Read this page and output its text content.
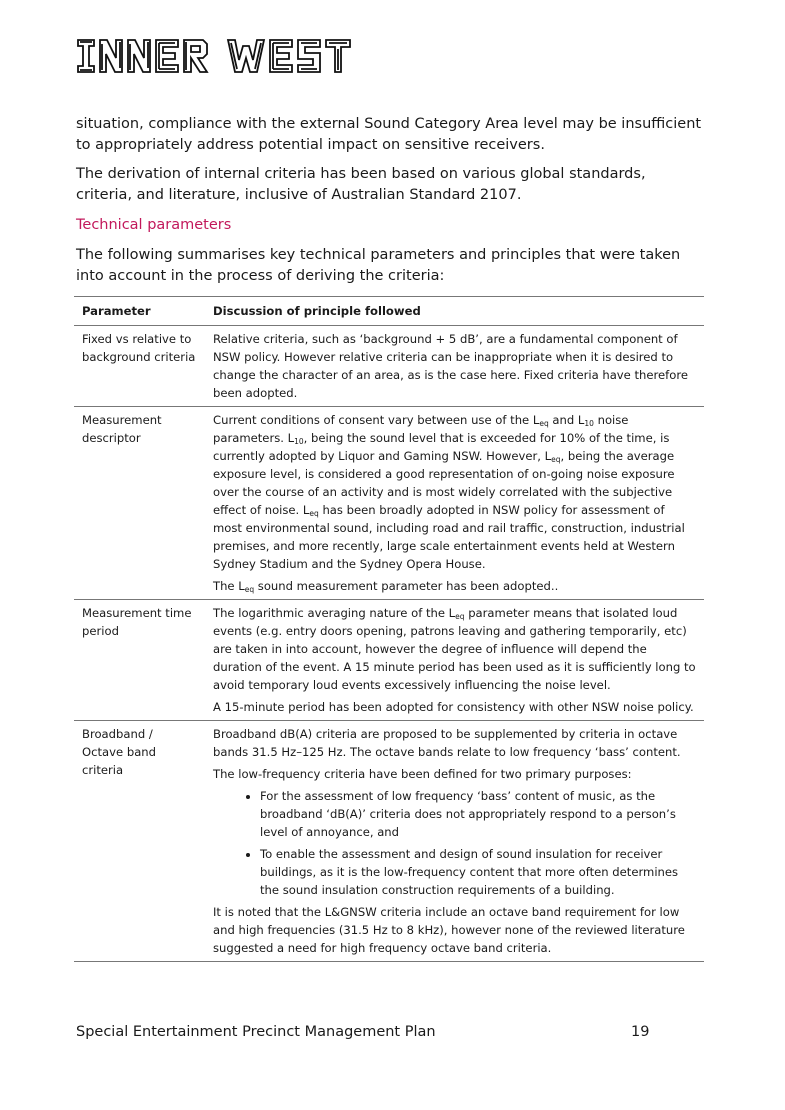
situation, compliance with the external Sound Category Area level may be insufficient to appropriately address potential impact on sensitive receivers.

The derivation of internal criteria has been based on various global standards, criteria, and literature, inclusive of Australian Standard 2107.

Technical parameters

The following summarises key technical parameters and principles that were taken into account in the process of deriving the criteria:

Parameter	Discussion of principle followed
Fixed vs relative to background criteria

Relative criteria, such as ‘background + 5 dB’, are a fundamental component of NSW policy. However relative criteria can be inappropriate when it is desired to change the character of an area, as is the case here. Fixed criteria have therefore been adopted.

Measurement descriptor

Current conditions of consent vary between use of the $L_{eq}$ and $L_{10}$ noise parameters. $L_{10}$, being the sound level that is exceeded for 10% of the time, is currently adopted by Liquor and Gaming NSW. However, $L_{eq}$, being the average exposure level, is considered a good representation of on-going noise exposure over the course of an activity and is most widely correlated with the subjective effect of noise. $L_{eq}$ has been broadly adopted in NSW policy for assessment of most environmental sound, including road and rail traffic, construction, industrial premises, and more recently, large scale entertainment events held at Western Sydney Stadium and the Sydney Opera House.

The $L_{eq}$ sound measurement parameter has been adopted..

Measurement time period

The logarithmic averaging nature of the $L_{eq}$ parameter means that isolated loud events (e.g. entry doors opening, patrons leaving and gathering temporarily, etc) are taken in into account, however the degree of influence will depend the duration of the event. A 15 minute period has been used as it is sufficiently long to avoid temporary loud events excessively influencing the noise level.

A 15-minute period has been adopted for consistency with other NSW noise policy.

Broadband / Octave band criteria

Broadband dB(A) criteria are proposed to be supplemented by criteria in octave bands 31.5 Hz–125 Hz. The octave bands relate to low frequency ‘bass’ content.

The low-frequency criteria have been defined for two primary purposes:

• For the assessment of low frequency ‘bass’ content of music, as the broadband ‘dB(A)’ criteria does not appropriately respond to a person’s level of annoyance, and
• To enable the assessment and design of sound insulation for receiver buildings, as it is the low-frequency content that more often determines the sound insulation construction requirements of a building.

It is noted that the L&GNSW criteria include an octave band requirement for low and high frequencies (31.5 Hz to 8 kHz), however none of the reviewed literature suggested a need for high frequency octave band criteria.

Special Entertainment Precinct Management Plan	19
